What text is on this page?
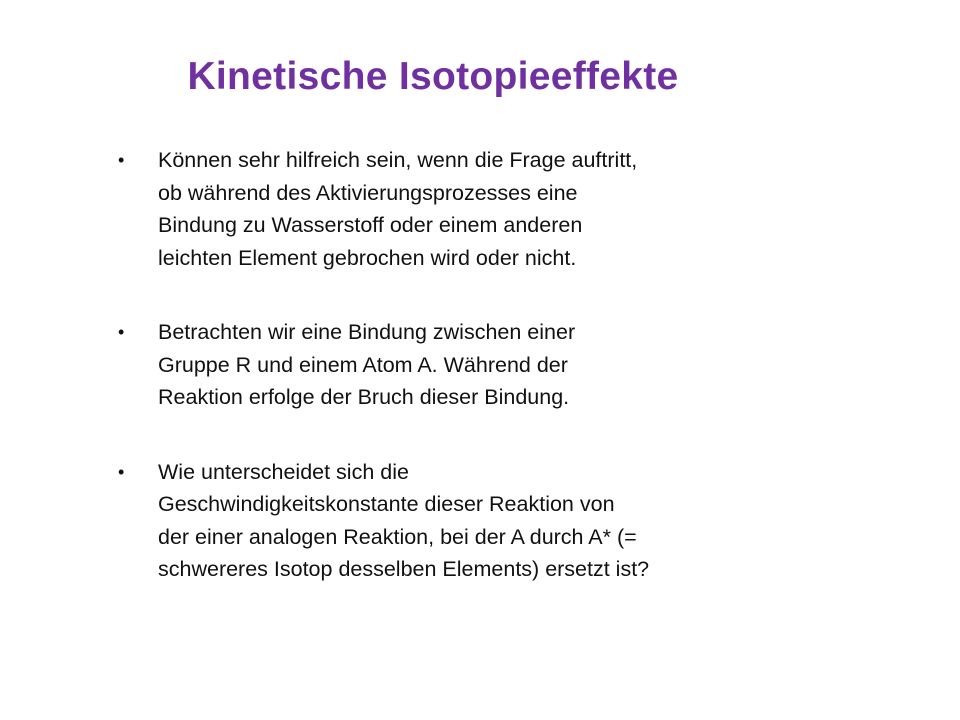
Kinetische Isotopieeffekte
•	Können sehr hilfreich sein, wenn die Frage auftritt,
ob während des Aktivierungsprozesses eine
Bindung zu Wasserstoff oder einem anderen
leichten Element gebrochen wird oder nicht.
•	Betrachten wir eine Bindung zwischen einer
Gruppe R und einem Atom A. Während der
Reaktion erfolge der Bruch dieser Bindung.
•	Wie unterscheidet sich die
Geschwindigkeitskonstante dieser Reaktion von
der einer analogen Reaktion, bei der A durch A* (=
schwereres Isotop desselben Elements) ersetzt ist?
